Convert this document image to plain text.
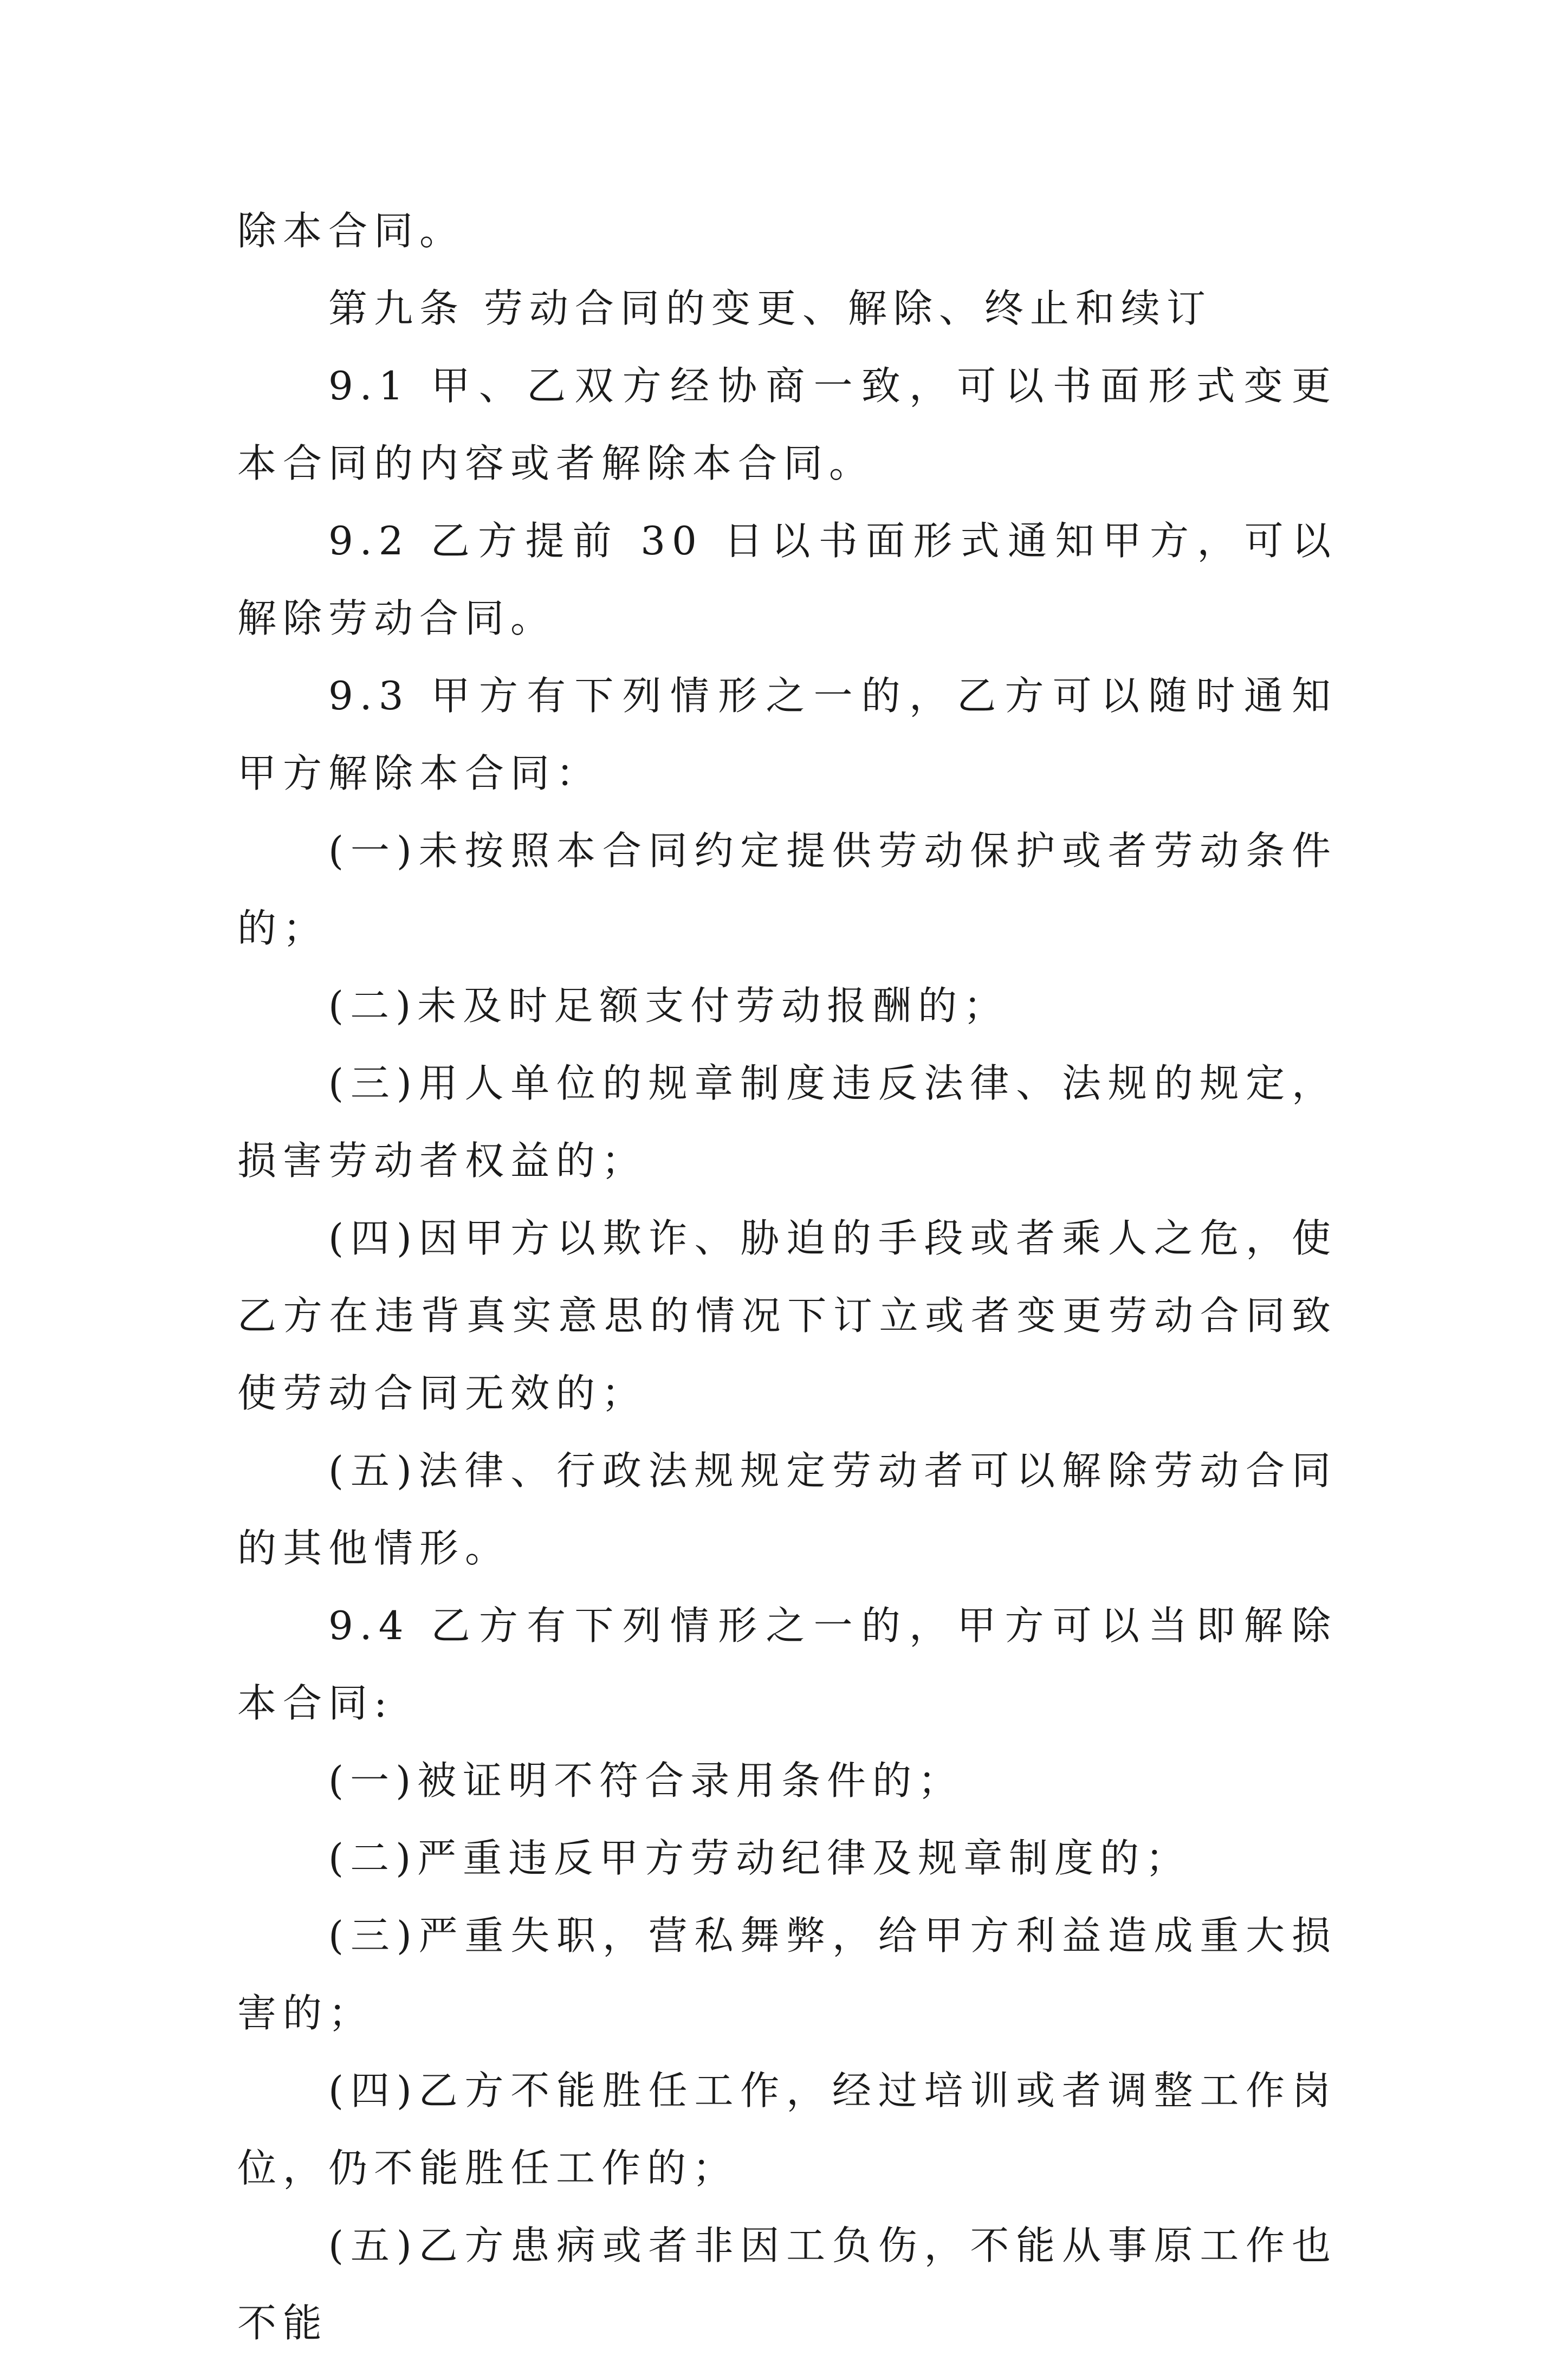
除本合同。

第九条 劳动合同的变更、解除、终止和续订

9.1 甲、乙双方经协商一致，可以书面形式变更本合同的内容或者解除本合同。

9.2 乙方提前 30 日以书面形式通知甲方，可以解除劳动合同。

9.3 甲方有下列情形之一的，乙方可以随时通知甲方解除本合同：

(一)未按照本合同约定提供劳动保护或者劳动条件的；

(二)未及时足额支付劳动报酬的；

(三)用人单位的规章制度违反法律、法规的规定，损害劳动者权益的；

(四)因甲方以欺诈、胁迫的手段或者乘人之危，使乙方在违背真实意思的情况下订立或者变更劳动合同致使劳动合同无效的；

(五)法律、行政法规规定劳动者可以解除劳动合同的其他情形。

9.4 乙方有下列情形之一的，甲方可以当即解除本合同:

(一)被证明不符合录用条件的；

(二)严重违反甲方劳动纪律及规章制度的；

(三)严重失职，营私舞弊，给甲方利益造成重大损害的；

(四)乙方不能胜任工作，经过培训或者调整工作岗位，仍不能胜任工作的；

(五)乙方患病或者非因工负伤，不能从事原工作也不能
